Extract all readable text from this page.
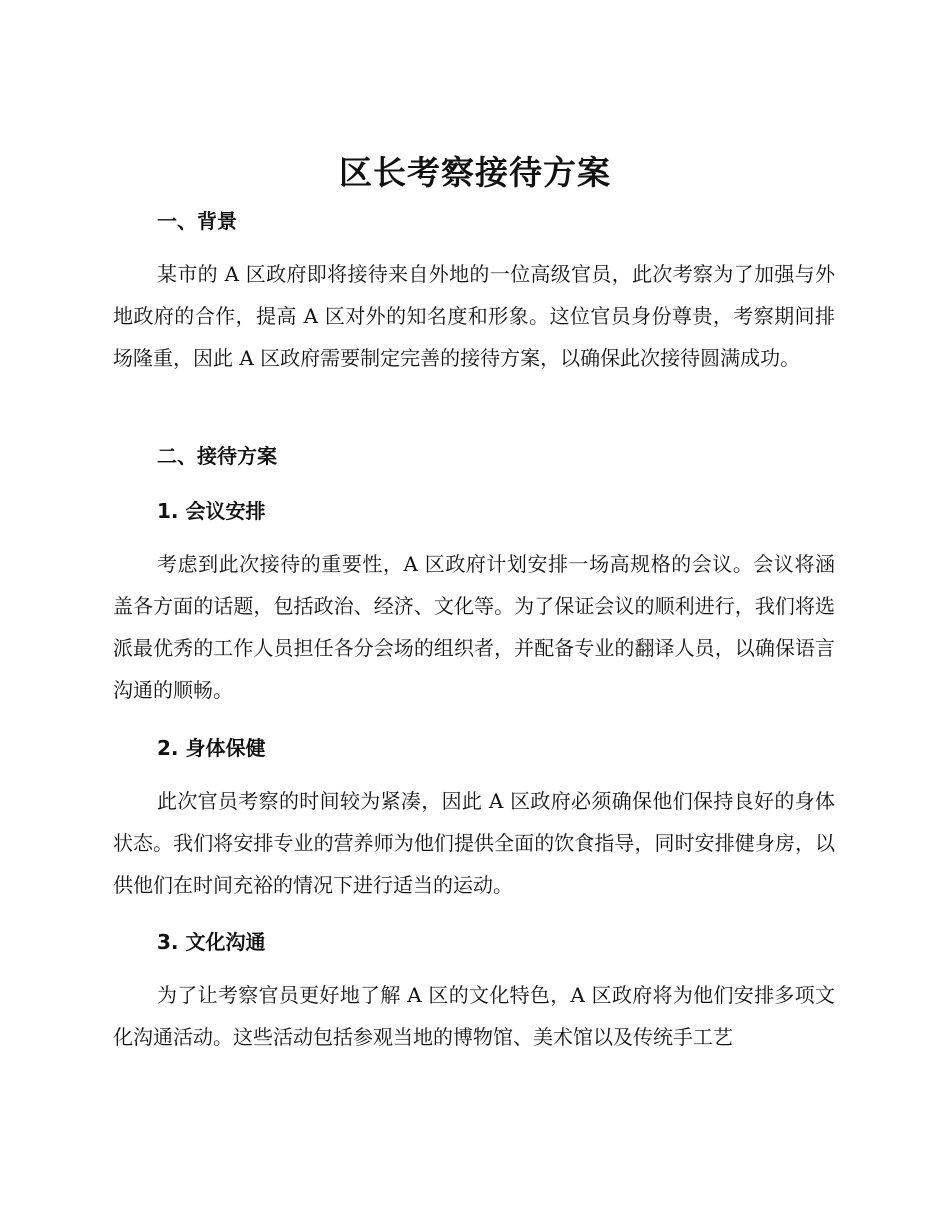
区长考察接待方案
一、背景

某市的 A 区政府即将接待来自外地的一位高级官员，此次考察为了加强与外地政府的合作，提高 A 区对外的知名度和形象。这位官员身份尊贵，考察期间排场隆重，因此 A 区政府需要制定完善的接待方案，以确保此次接待圆满成功。

二、接待方案
1. 会议安排

考虑到此次接待的重要性，A 区政府计划安排一场高规格的会议。会议将涵盖各方面的话题，包括政治、经济、文化等。为了保证会议的顺利进行，我们将选派最优秀的工作人员担任各分会场的组织者，并配备专业的翻译人员，以确保语言沟通的顺畅。

2. 身体保健

此次官员考察的时间较为紧凑，因此 A 区政府必须确保他们保持良好的身体状态。我们将安排专业的营养师为他们提供全面的饮食指导，同时安排健身房，以供他们在时间充裕的情况下进行适当的运动。

3. 文化沟通

为了让考察官员更好地了解 A 区的文化特色，A 区政府将为他们安排多项文化沟通活动。这些活动包括参观当地的博物馆、美术馆以及传统手工艺
